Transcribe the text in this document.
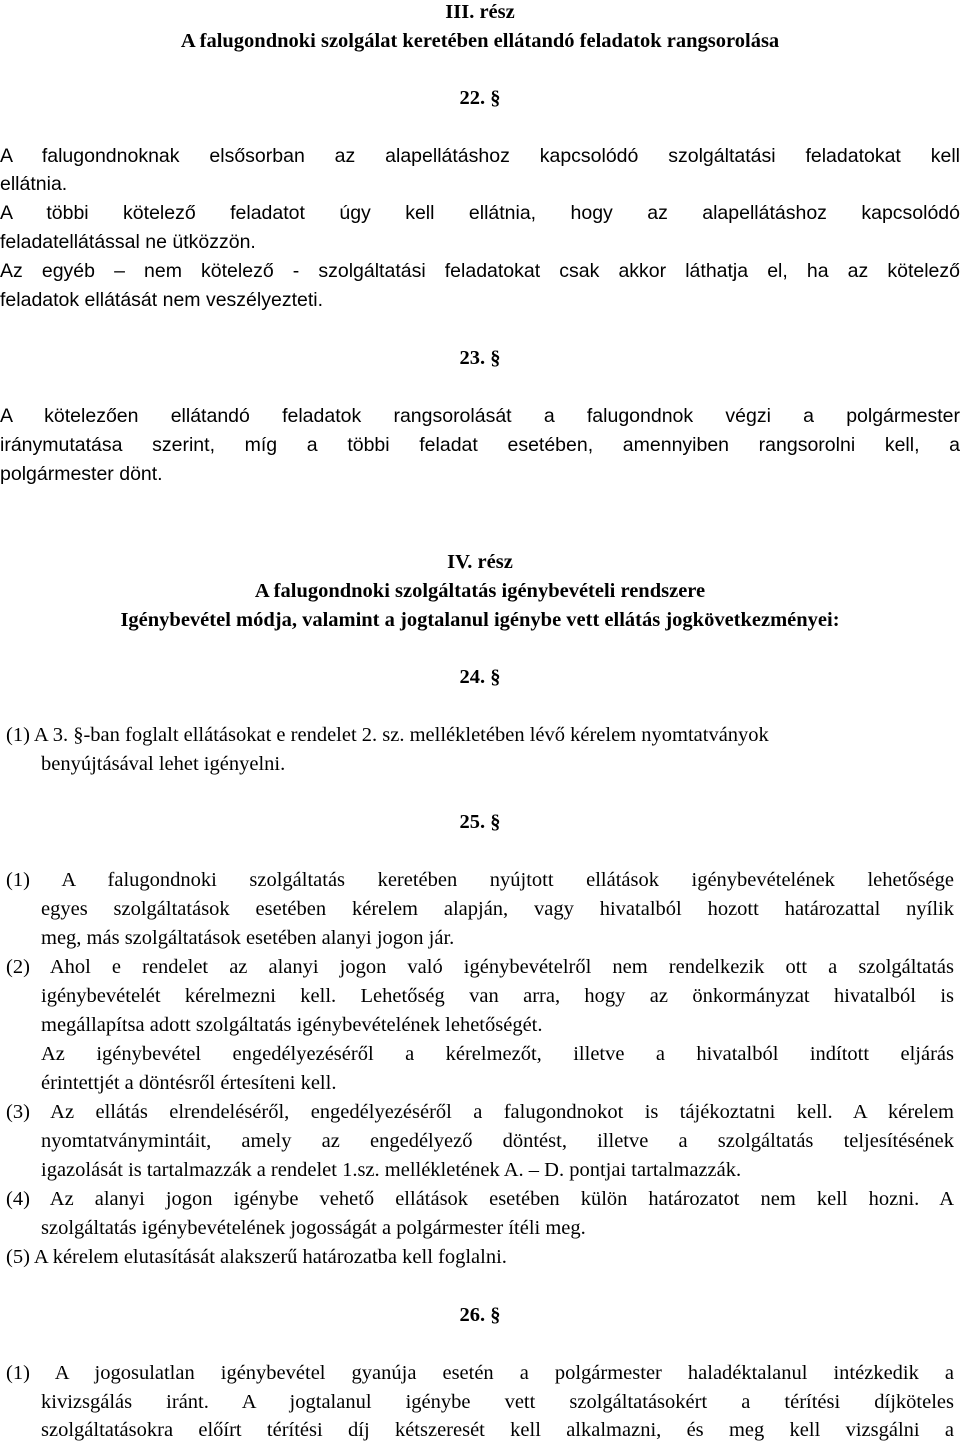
III. rész
A falugondnoki szolgálat keretében ellátandó feladatok rangsorolása
22. §
A falugondnoknak elsősorban az alapellátáshoz kapcsolódó szolgáltatási feladatokat kell
ellátnia.
A többi kötelező feladatot úgy kell ellátnia, hogy az alapellátáshoz kapcsolódó
feladatellátással ne ütközzön.
Az egyéb – nem kötelező - szolgáltatási feladatokat csak akkor láthatja el, ha az kötelező
feladatok ellátását nem veszélyezteti.
23. §
A kötelezően ellátandó feladatok rangsorolását a falugondnok végzi a polgármester
iránymutatása szerint, míg a többi feladat esetében, amennyiben rangsorolni kell, a
polgármester dönt.
IV. rész
A falugondnoki szolgáltatás igénybevételi rendszere
Igénybevétel módja, valamint a jogtalanul igénybe vett ellátás jogkövetkezményei:
24. §
(1) A 3. §-ban foglalt ellátásokat e rendelet 2. sz. mellékletében lévő kérelem nyomtatványok
benyújtásával lehet igényelni.
25. §
(1) A falugondnoki szolgáltatás keretében nyújtott ellátások igénybevételének lehetősége
egyes szolgáltatások esetében kérelem alapján, vagy hivatalból hozott határozattal nyílik
meg, más szolgáltatások esetében alanyi jogon jár.
(2) Ahol e rendelet az alanyi jogon való igénybevételről nem rendelkezik ott a szolgáltatás
igénybevételét kérelmezni kell. Lehetőség van arra, hogy az önkormányzat hivatalból is
megállapítsa adott szolgáltatás igénybevételének lehetőségét.
Az igénybevétel engedélyezéséről a kérelmezőt, illetve a hivatalból indított eljárás
érintettjét a döntésről értesíteni kell.
(3) Az ellátás elrendeléséről, engedélyezéséről a falugondnokot is tájékoztatni kell. A kérelem
nyomtatványmintáit, amely az engedélyező döntést, illetve a szolgáltatás teljesítésének
igazolását is tartalmazzák a rendelet 1.sz. mellékletének A. – D. pontjai tartalmazzák.
(4) Az alanyi jogon igénybe vehető ellátások esetében külön határozatot nem kell hozni. A
szolgáltatás igénybevételének jogosságát a polgármester ítéli meg.
(5) A kérelem elutasítását alakszerű határozatba kell foglalni.
26. §
(1) A jogosulatlan igénybevétel gyanúja esetén a polgármester haladéktalanul intézkedik a
kivizsgálás iránt. A jogtalanul igénybe vett szolgáltatásokért a térítési díjköteles
szolgáltatásokra előírt térítési díj kétszeresét kell alkalmazni, és meg kell vizsgálni a
